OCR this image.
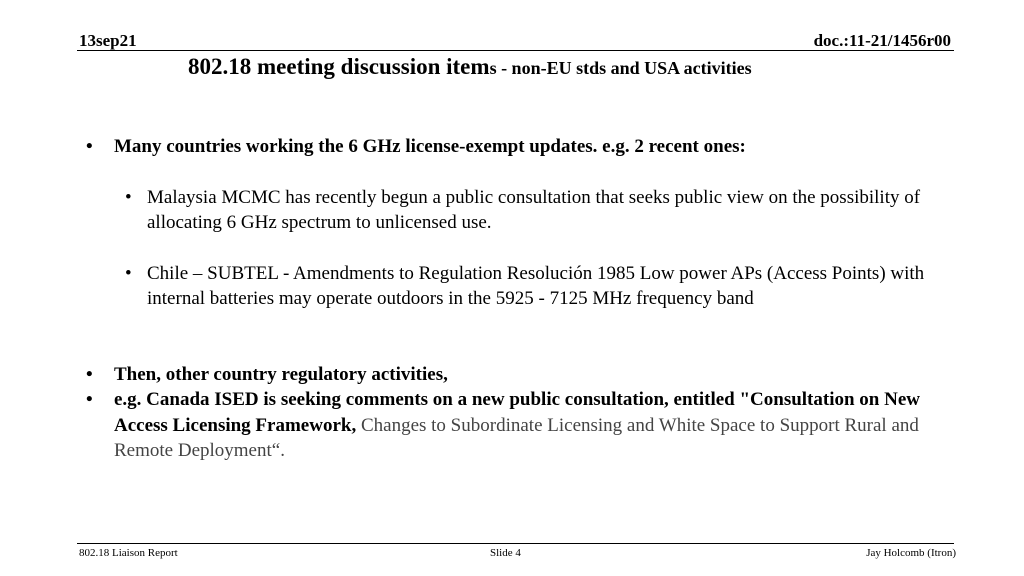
13sep21	doc.:11-21/1456r00
802.18 meeting discussion items - non-EU stds and USA activities
• Many countries working the 6 GHz license-exempt updates. e.g. 2 recent ones:
• Malaysia MCMC has recently begun a public consultation that seeks public view on the possibility of allocating 6 GHz spectrum to unlicensed use.
• Chile – SUBTEL - Amendments to Regulation Resolución 1985 Low power APs (Access Points) with internal batteries may operate outdoors in the 5925 - 7125 MHz frequency band
• Then, other country regulatory activities,
• e.g. Canada ISED is seeking comments on a new public consultation, entitled "Consultation on New Access Licensing Framework, Changes to Subordinate Licensing and White Space to Support Rural and Remote Deployment“.
802.18 Liaison Report	Slide 4	Jay Holcomb (Itron)
